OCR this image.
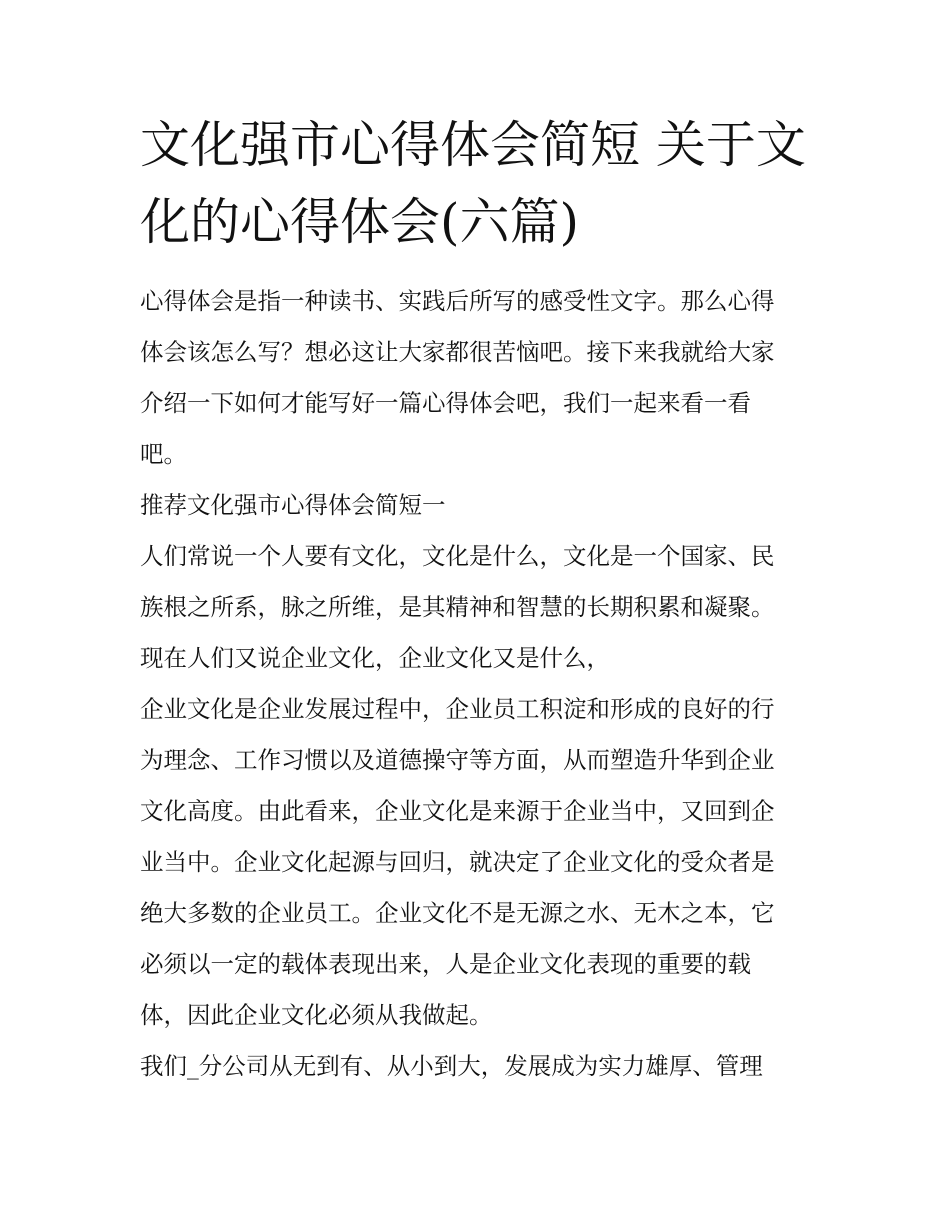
文化强市心得体会简短 关于文
化的心得体会(六篇)

心得体会是指一种读书、实践后所写的感受性文字。那么心得

体会该怎么写？想必这让大家都很苦恼吧。接下来我就给大家

介绍一下如何才能写好一篇心得体会吧，我们一起来看一看

吧。

推荐文化强市心得体会简短一

人们常说一个人要有文化，文化是什么，文化是一个国家、民

族根之所系，脉之所维，是其精神和智慧的长期积累和凝聚。

现在人们又说企业文化，企业文化又是什么，

企业文化是企业发展过程中，企业员工积淀和形成的良好的行

为理念、工作习惯以及道德操守等方面，从而塑造升华到企业

文化高度。由此看来，企业文化是来源于企业当中，又回到企

业当中。企业文化起源与回归，就决定了企业文化的受众者是

绝大多数的企业员工。企业文化不是无源之水、无木之本，它

必须以一定的载体表现出来，人是企业文化表现的重要的载

体，因此企业文化必须从我做起。

我们_分公司从无到有、从小到大，发展成为实力雄厚、管理
